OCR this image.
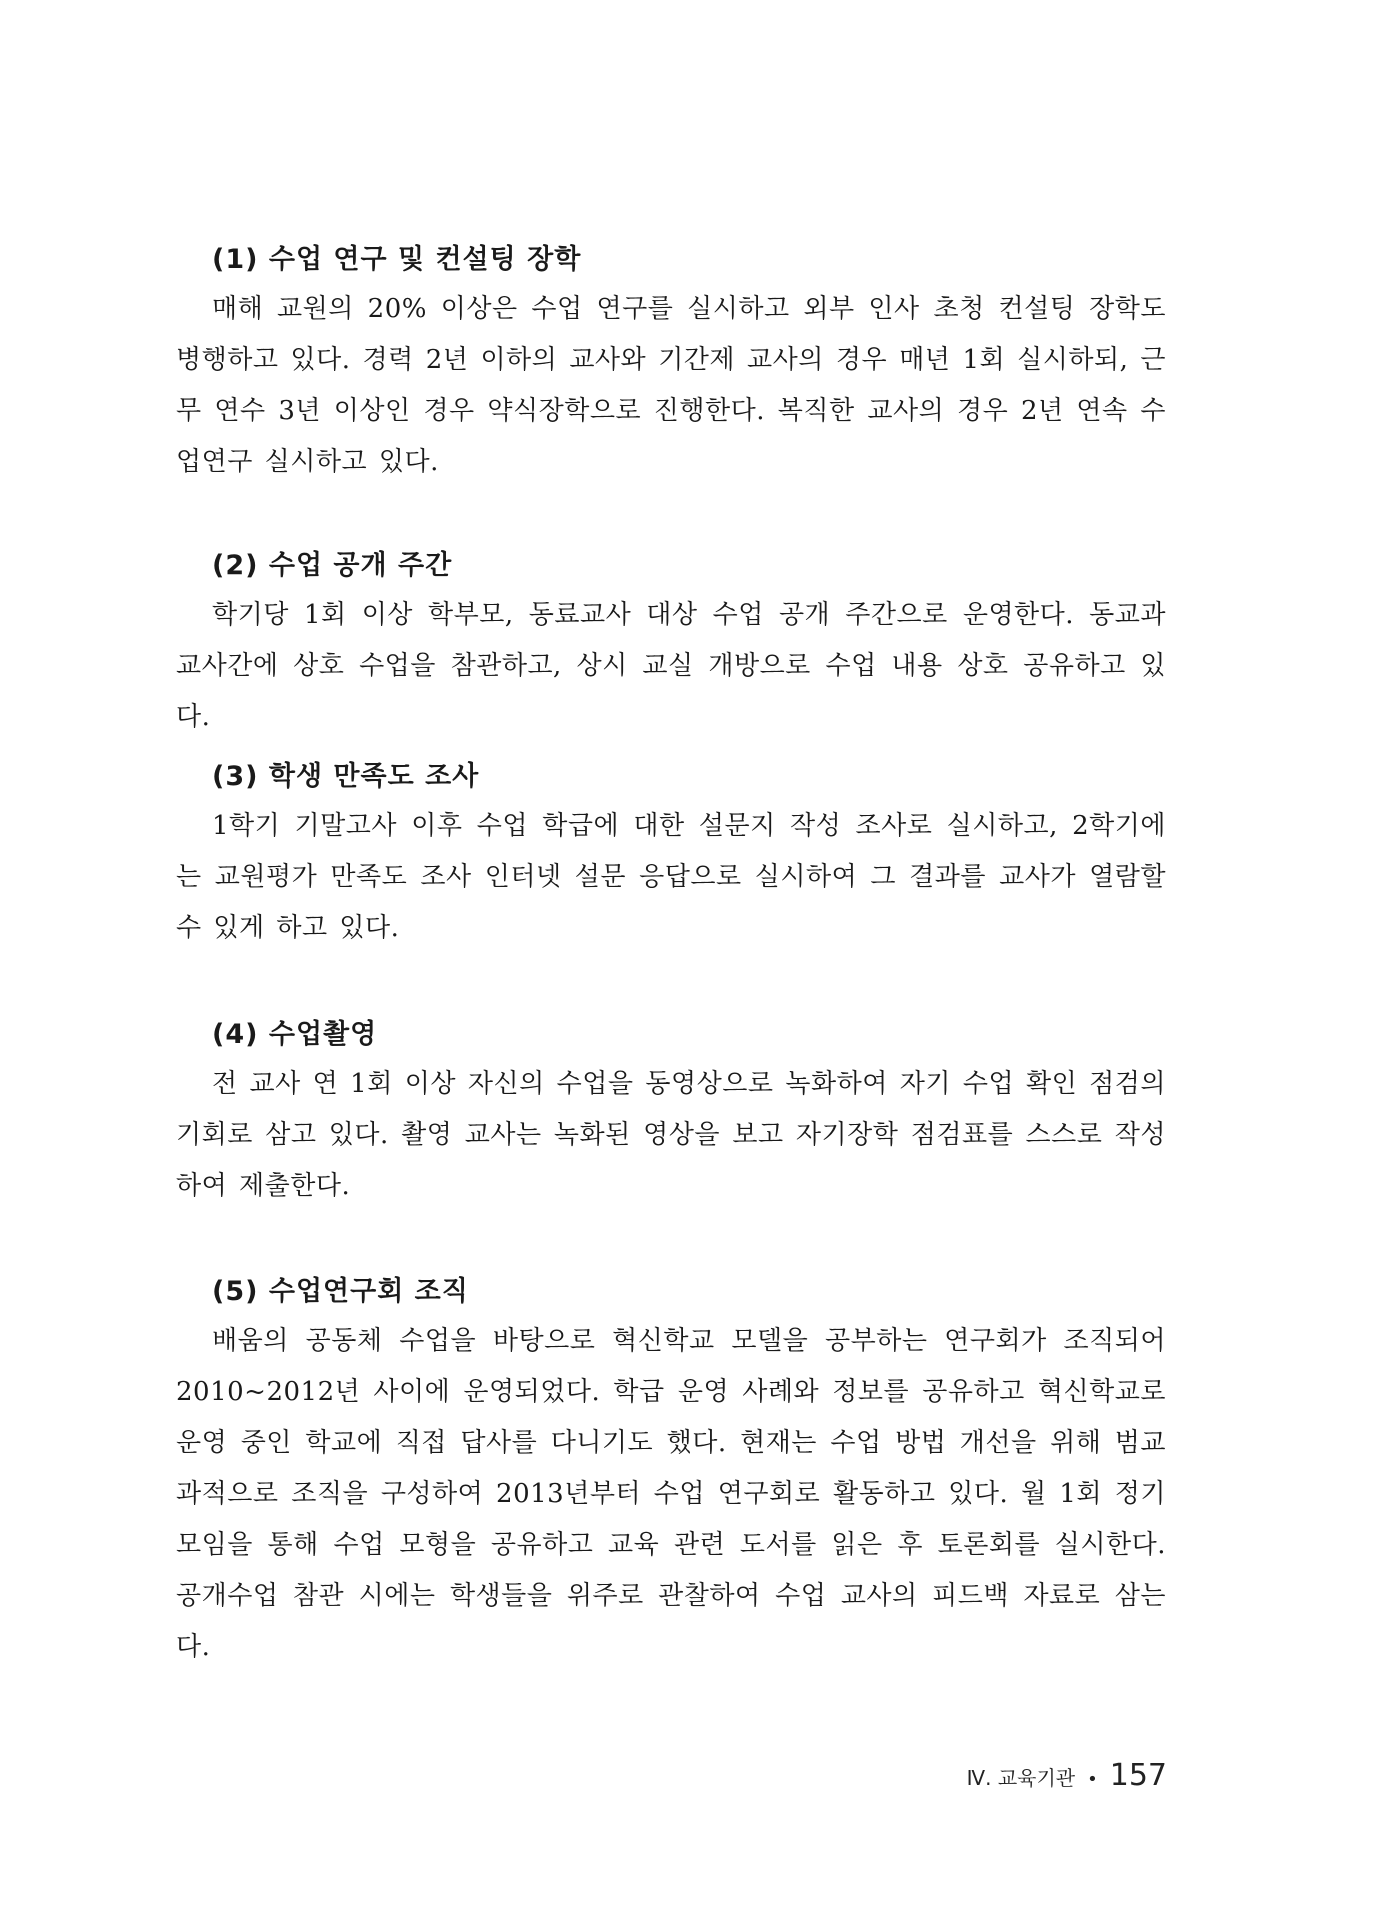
(1) 수업 연구 및 컨설팅 장학

매해 교원의 20% 이상은 수업 연구를 실시하고 외부 인사 초청 컨설팅 장학도 병행하고 있다. 경력 2년 이하의 교사와 기간제 교사의 경우 매년 1회 실시하되, 근무 연수 3년 이상인 경우 약식장학으로 진행한다. 복직한 교사의 경우 2년 연속 수업연구 실시하고 있다.

(2) 수업 공개 주간

학기당 1회 이상 학부모, 동료교사 대상 수업 공개 주간으로 운영한다. 동교과 교사간에 상호 수업을 참관하고, 상시 교실 개방으로 수업 내용 상호 공유하고 있다.

(3) 학생 만족도 조사

1학기 기말고사 이후 수업 학급에 대한 설문지 작성 조사로 실시하고, 2학기에는 교원평가 만족도 조사 인터넷 설문 응답으로 실시하여 그 결과를 교사가 열람할 수 있게 하고 있다.

(4) 수업촬영

전 교사 연 1회 이상 자신의 수업을 동영상으로 녹화하여 자기 수업 확인 점검의 기회로 삼고 있다. 촬영 교사는 녹화된 영상을 보고 자기장학 점검표를 스스로 작성하여 제출한다.

(5) 수업연구회 조직

배움의 공동체 수업을 바탕으로 혁신학교 모델을 공부하는 연구회가 조직되어 2010~2012년 사이에 운영되었다. 학급 운영 사례와 정보를 공유하고 혁신학교로 운영 중인 학교에 직접 답사를 다니기도 했다. 현재는 수업 방법 개선을 위해 범교과적으로 조직을 구성하여 2013년부터 수업 연구회로 활동하고 있다. 월 1회 정기 모임을 통해 수업 모형을 공유하고 교육 관련 도서를 읽은 후 토론회를 실시한다. 공개수업 참관 시에는 학생들을 위주로 관찰하여 수업 교사의 피드백 자료로 삼는다.

Ⅳ. 교육기관 • 157
